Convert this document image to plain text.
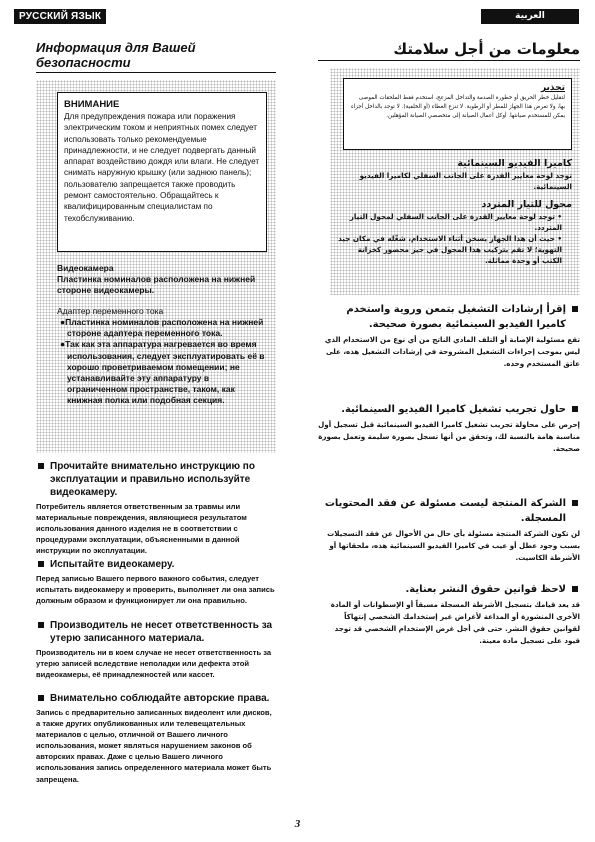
РУССКИЙ ЯЗЫК	العربية
Информация для Вашей безопасности
معلومات من أجل سلامتك
ВНИМАНИЕ
Для предупреждения пожара или поражения электрическим током и неприятных помех следует использовать только рекомендуемые принадлежности, и не следует подвергать данный аппарат воздействию дождя или влаги. Не следует снимать наружную крышку (или заднюю панель); пользователю запрещается также проводить ремонт самостоятельно. Обращайтесь к квалифицированным специалистам по техобслуживанию.
تحذير
لتقليل خطر الحريق أو خطورة الصدمة والتداخل المزعج، استخدم فقط الملحقات الموصى بها، ولا تعرض هذا الجهاز للمطر أو الرطوبة. لا تنزع الغطاء (أو الخلفية). لا توجد بالداخل أجزاء يمكن للمستخدم صيانتها. أوكل أعمال الصيانة إلى متخصصي الصيانة المؤهلين.
Видеокамера
Пластинка номиналов расположена на нижней стороне видеокамеры.
Адаптер переменного тока
●Пластинка номиналов расположена на нижней стороне адаптера переменного тока.
●Так как эта аппаратура нагревается во время использования, следует эксплуатировать её в хорошо проветриваемом помещении; не устанавливайте эту аппаратуру в ограниченном пространстве, таком, как книжная полка или подобная секция.
كاميرا الفيديو السينمائية
توجد لوحة معايير القدرة على الجانب السفلي لكاميرا الفيديو السينمائية.
محول للتيار المتردد
• توجد لوحة معايير القدرة على الجانب السفلي لمحول التيار المتردد.
• حيث أن هذا الجهاز يسخن أثناء الاستخدام، شغّله في مكان جيد التهوية؛ لا تقم بتركيب هذا المحول في حيز محصور كخزانة الكتب أو وحدة مماثلة.
Прочитайте внимательно инструкцию по эксплуатации и правильно используйте видеокамеру.
Потребитель является ответственным за травмы или материальные повреждения, являющиеся результатом использования данного изделия не в соответствии с процедурами эксплуатации, объясненными в данной инструкции по эксплуатации.
Испытайте видеокамеру.
Перед записью Вашего первого важного события, следует испытать видеокамеру и проверить, выполняет ли она запись должным образом и функционирует ли она правильно.
Производитель не несет ответственность за утерю записанного материала.
Производитель ни в коем случае не несет ответственность за утерю записей вследствие неполадки или дефекта этой видеокамеры, её принадлежностей или кассет.
Внимательно соблюдайте авторские права.
Запись с предварительно записанных видеолент или дисков, а также других опубликованных или телевещательных материалов с целью, отличной от Вашего личного использования, может являться нарушением законов об авторских правах. Даже с целью Вашего личного использования запись определенного материала может быть запрещена.
إقرأ إرشادات التشغيل بتمعن وروية واستخدم كاميرا الفيديو السينمائية بصورة صحيحة.
تقع مسئولية الإصابة أو التلف المادي الناتج من أي نوع من الاستخدام الذي ليس بموجب إجراءات التشغيل المشروحة في إرشادات التشغيل هذه، على عاتق المستخدم وحده.
حاول تجريب تشغيل كاميرا الفيديو السينمائية.
إحرص على محاولة تجريب تشغيل كاميرا الفيديو السينمائية قبل تسجيل أول مناسبة هامة بالنسبة لك، وتحقق من أنها تسجل بصورة سليمة وتعمل بصورة صحيحة.
الشركة المنتجة ليست مسئولة عن فقد المحتويات المسجلة.
لن تكون الشركة المنتجة مسئولة بأي حال من الأحوال عن فقد التسجيلات بسبب وجود عطل أو عيب في كاميرا الفيديو السينمائية هذه، ملحقاتها أو الأشرطة الكاسيت.
لاحظ قوانين حقوق النشر بعناية.
قد يعد قيامك بتسجيل الأشرطة المسجلة مسبقاً أو الإسطوانات أو المادة الأخرى المنشورة أو المذاعة لأغراض غير إستخدامك الشخصي إنتهاكاً لقوانين حقوق النشر. حتى في أجل غرض الإستخدام الشخصي قد توجد قيود على تسجيل مادة معينة.
3
